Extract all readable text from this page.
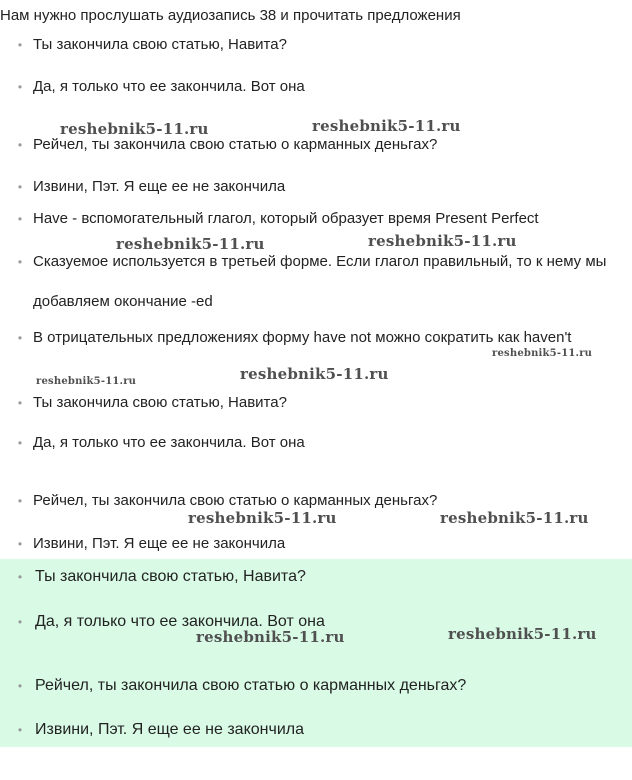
Нам нужно прослушать аудиозапись 38 и прочитать предложения
• Ты закончила свою статью, Навита?
• Да, я только что ее закончила. Вот она
• Рейчел, ты закончила свою статью о карманных деньгах?
• Извини, Пэт. Я еще ее не закончила
• Have - вспомогательный глагол, который образует время Present Perfect
• Сказуемое используется в третьей форме. Если глагол правильный, то к нему мы добавляем окончание -ed
• В отрицательных предложениях форму have not можно сократить как haven't
• Ты закончила свою статью, Навита?
• Да, я только что ее закончила. Вот она
• Рейчел, ты закончила свою статью о карманных деньгах?
• Извини, Пэт. Я еще ее не закончила
• Ты закончила свою статью, Навита?
• Да, я только что ее закончила. Вот она
• Рейчел, ты закончила свою статью о карманных деньгах?
• Извини, Пэт. Я еще ее не закончила
reshebnik5-11.ru	reshebnik5-11.ru
reshebnik5-11.ru	reshebnik5-11.ru
reshebnik5-11.ru
reshebnik5-11.ru	reshebnik5-11.ru
reshebnik5-11.ru	reshebnik5-11.ru
reshebnik5-11.ru	reshebnik5-11.ru
